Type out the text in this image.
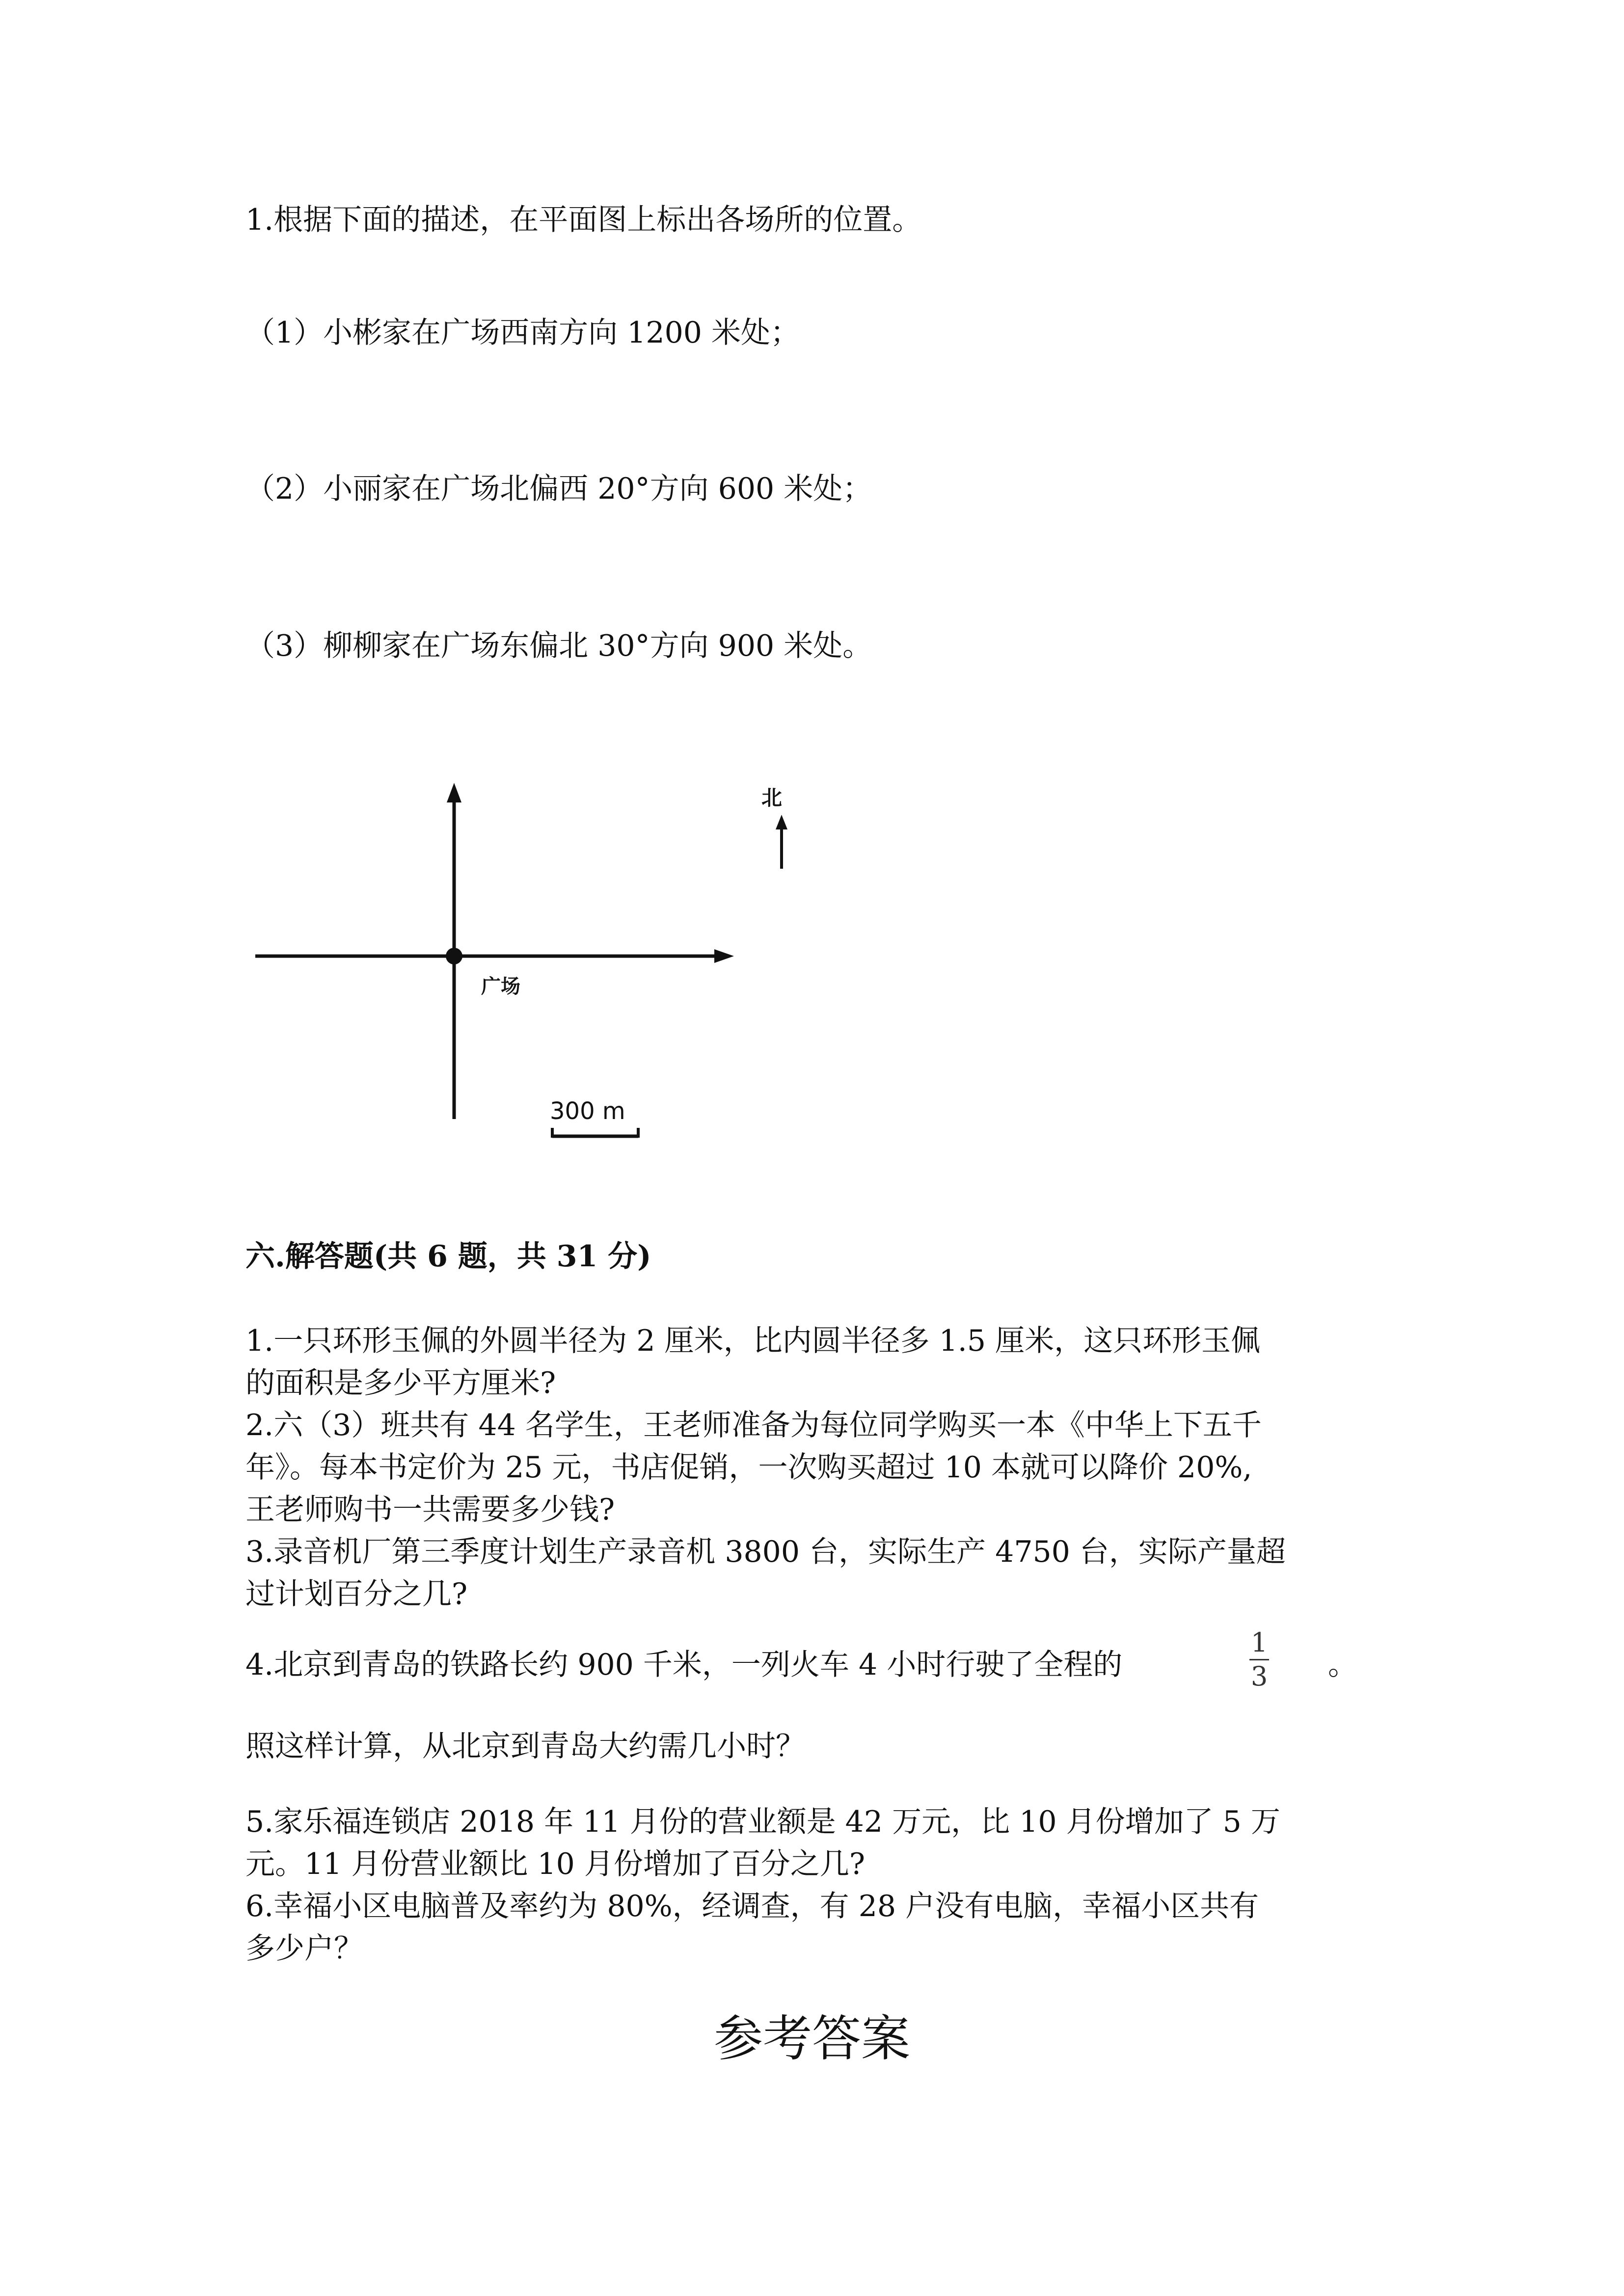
1.根据下面的描述，在平面图上标出各场所的位置。
（1）小彬家在广场西南方向 1200 米处；
（2）小丽家在广场北偏西 20°方向 600 米处；
（3）柳柳家在广场东偏北 30°方向 900 米处。
广场
北
300 m
六.解答题(共 6 题，共 31 分)
1.一只环形玉佩的外圆半径为 2 厘米，比内圆半径多 1.5 厘米，这只环形玉佩
的面积是多少平方厘米?
2.六（3）班共有 44 名学生，王老师准备为每位同学购买一本《中华上下五千
年》。每本书定价为 25 元，书店促销，一次购买超过 10 本就可以降价 20%,
王老师购书一共需要多少钱?
3.录音机厂第三季度计划生产录音机 3800 台，实际生产 4750 台，实际产量超
过计划百分之几?
4.北京到青岛的铁路长约 900 千米，一列火车 4 小时行驶了全程的
1
3 。
照这样计算，从北京到青岛大约需几小时？
5.家乐福连锁店 2018 年 11 月份的营业额是 42 万元，比 10 月份增加了 5 万
元。11 月份营业额比 10 月份增加了百分之几?
6.幸福小区电脑普及率约为 80%，经调查，有 28 户没有电脑，幸福小区共有
多少户？
参考答案
